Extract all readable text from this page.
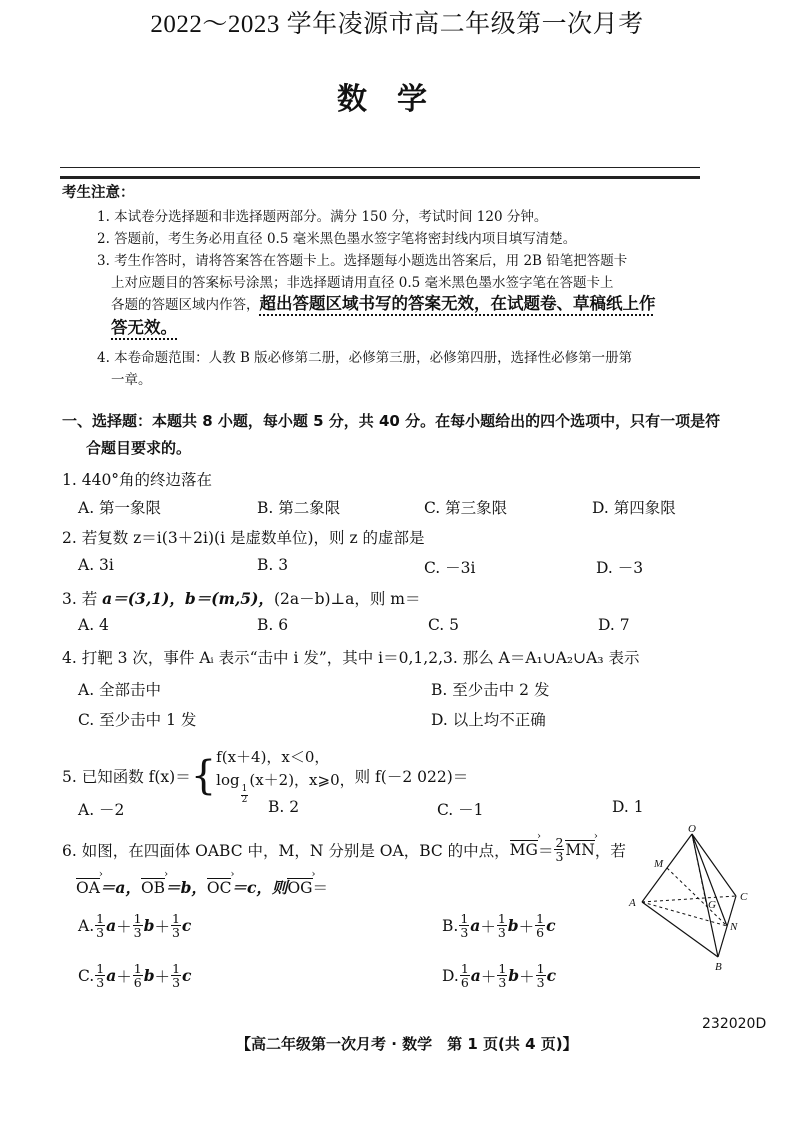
2022～2023 学年凌源市高二年级第一次月考
数学
考生注意：
1. 本试卷分选择题和非选择题两部分。满分 150 分，考试时间 120 分钟。
2. 答题前，考生务必用直径 0.5 毫米黑色墨水签字笔将密封线内项目填写清楚。
3. 考生作答时，请将答案答在答题卡上。选择题每小题选出答案后，用 2B 铅笔把答题卡
上对应题目的答案标号涂黑；非选择题请用直径 0.5 毫米黑色墨水签字笔在答题卡上
各题的答题区域内作答，超出答题区域书写的答案无效，在试题卷、草稿纸上作
答无效。
4. 本卷命题范围：人教 B 版必修第二册，必修第三册，必修第四册，选择性必修第一册第
一章。
一、选择题：本题共 8 小题，每小题 5 分，共 40 分。在每小题给出的四个选项中，只有一项是符
合题目要求的。
1. 440°角的终边落在
A. 第一象限	B. 第二象限	C. 第三象限	D. 第四象限
2. 若复数 z＝i(3＋2i)(i 是虚数单位)，则 z 的虚部是
A. 3i	B. 3	C. －3i	D. －3
3. 若 a＝(3,1)，b＝(m,5)，(2a－b)⊥a，则 m＝
A. 4	B. 6	C. 5	D. 7
4. 打靶 3 次，事件 Aᵢ 表示“击中 i 发”，其中 i＝0,1,2,3. 那么 A＝A₁∪A₂∪A₃ 表示
A. 全部击中	B. 至少击中 2 发
C. 至少击中 1 发	D. 以上均不正确
5. 已知函数 f(x)＝ { f(x＋4)，x＜0，
log
$\frac{1}{2}$
(x＋2)，x⩾0， 则 f(－2 022)＝
A. －2	B. 2	C. －1	D. 1
6. 如图，在四面体 OABC 中，M，N 分别是 OA，BC 的中点， MG › ＝ $\frac{2}{3}$ MN › ，若
OA ›＝a，OB ›＝b，OC ›＝c，则OG ›＝
A. $\frac{1}{3}$ $a + \frac{1}{3}$ $b + \frac{1}{3}$ c	B. $\frac{1}{3}$ $a + \frac{1}{3}$ $b + \frac{1}{6}$ c
C. $\frac{1}{3}$ $a + \frac{1}{6}$ $b + \frac{1}{3}$ c	D. $\frac{1}{6}$ $a + \frac{1}{3}$ $b + \frac{1}{3}$ c
O
M
A	G
C
N
B
232020D
【高二年级第一次月考 · 数学　第 1 页(共 4 页)】
